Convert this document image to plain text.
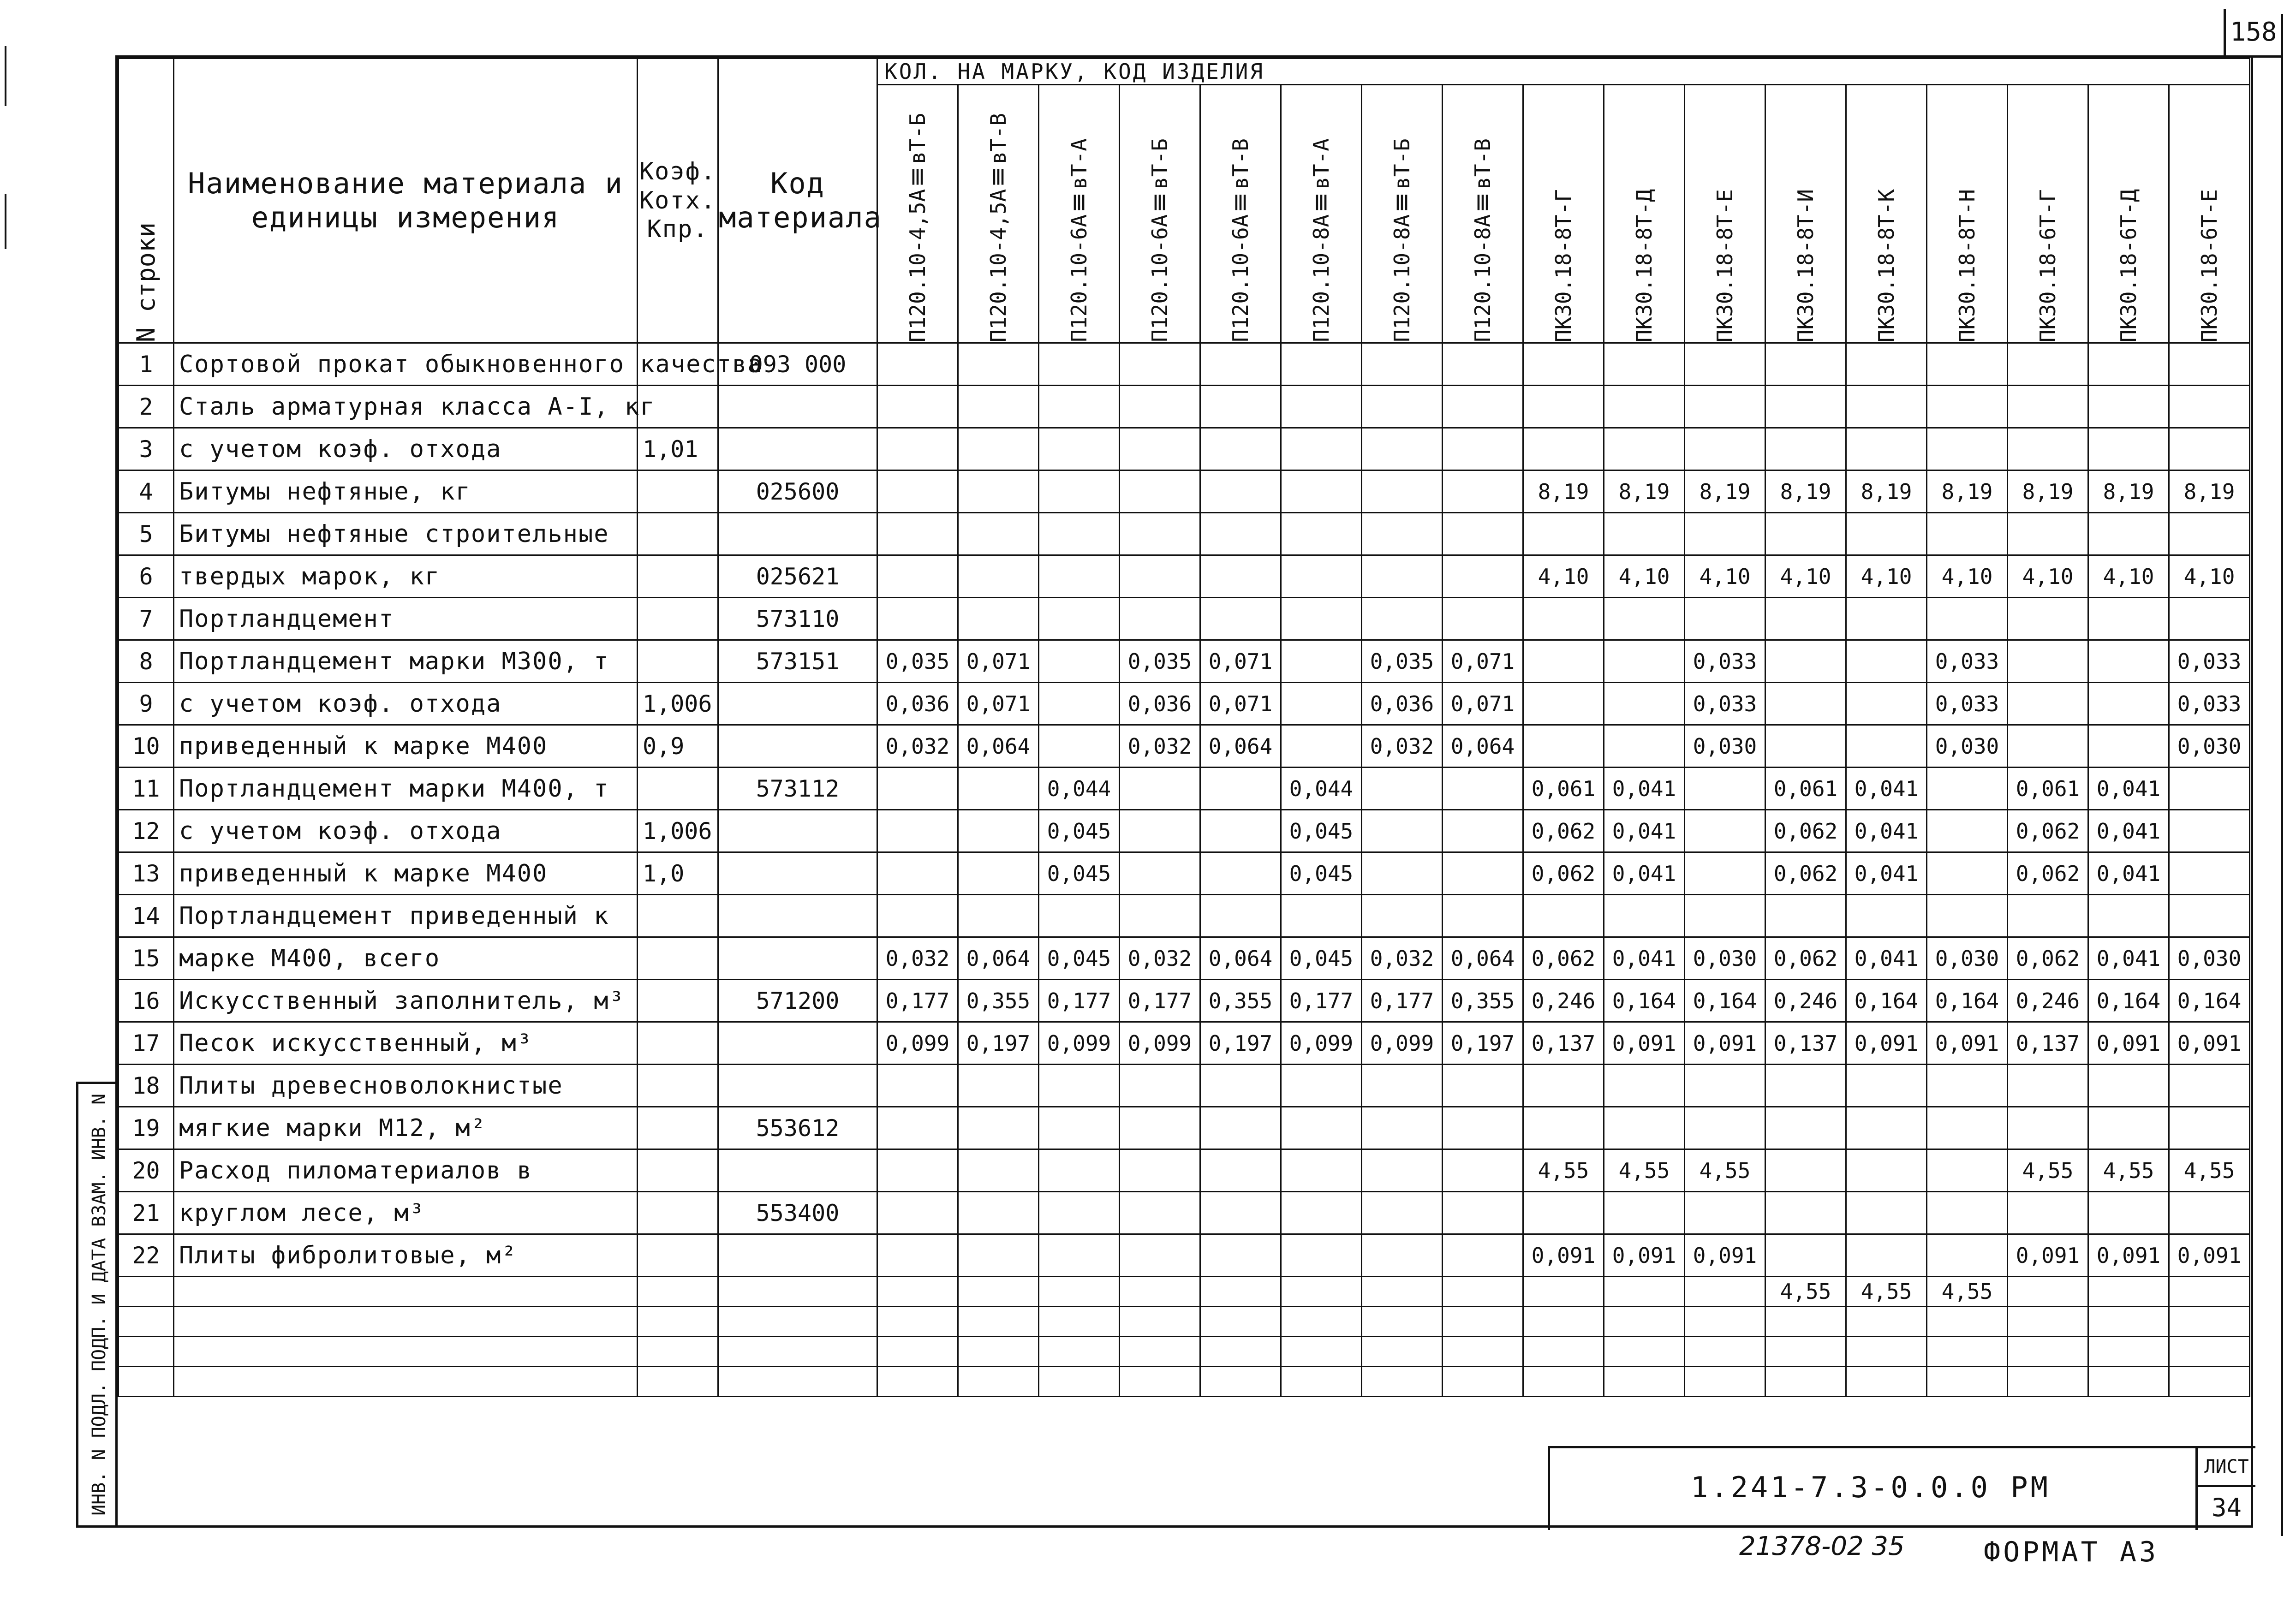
158
ИНВ. N ПОДЛ. ПОДП. И ДАТА ВЗАМ. ИНВ. N
N строки	Наименование материала и единицы измерения	Коэф. Котх. Кпр.	Код материала	КОЛ. НА МАРКУ, КОД ИЗДЕЛИЯ																

				П120.10-4,5АⅢвТ-Б	П120.10-4,5АⅢвТ-В	П120.10-6АⅢвТ-А	П120.10-6АⅢвТ-Б	П120.10-6АⅢвТ-В	П120.10-8АⅢвТ-А	П120.10-8АⅢвТ-Б	П120.10-8АⅢвТ-В	ПК30.18-8Т-Г	ПК30.18-8Т-Д	ПК30.18-8Т-Е	ПК30.18-8Т-И	ПК30.18-8Т-К	ПК30.18-8Т-Н	ПК30.18-6Т-Г	ПК30.18-6Т-Д	ПК30.18-6Т-Е

1	Сортовой прокат обыкновенного качества		093 000																	
2	Сталь арматурная класса А-I, кг																			
3	с учетом коэф. отхода	1,01																		
4	Битумы нефтяные, кг		025600									8,19	8,19	8,19	8,19	8,19	8,19	8,19	8,19	8,19
5	Битумы нефтяные строительные																			
6	твердых марок, кг		025621									4,10	4,10	4,10	4,10	4,10	4,10	4,10	4,10	4,10
7	Портландцемент		573110																	
8	Портландцемент марки М300, т		573151	0,035	0,071		0,035	0,071		0,035	0,071			0,033			0,033			0,033
9	с учетом коэф. отхода	1,006		0,036	0,071		0,036	0,071		0,036	0,071			0,033			0,033			0,033
10	приведенный к марке М400	0,9		0,032	0,064		0,032	0,064		0,032	0,064			0,030			0,030			0,030
11	Портландцемент марки М400, т		573112			0,044			0,044			0,061	0,041		0,061	0,041		0,061	0,041	
12	с учетом коэф. отхода	1,006				0,045			0,045			0,062	0,041		0,062	0,041		0,062	0,041	
13	приведенный к марке М400	1,0				0,045			0,045			0,062	0,041		0,062	0,041		0,062	0,041	
14	Портландцемент приведенный к																			
15	марке М400, всего			0,032	0,064	0,045	0,032	0,064	0,045	0,032	0,064	0,062	0,041	0,030	0,062	0,041	0,030	0,062	0,041	0,030
16	Искусственный заполнитель, м³		571200	0,177	0,355	0,177	0,177	0,355	0,177	0,177	0,355	0,246	0,164	0,164	0,246	0,164	0,164	0,246	0,164	0,164
17	Песок искусственный, м³			0,099	0,197	0,099	0,099	0,197	0,099	0,099	0,197	0,137	0,091	0,091	0,137	0,091	0,091	0,137	0,091	0,091
18	Плиты древесноволокнистые																			
19	мягкие марки М12, м²		553612																	
20	Расход пиломатериалов в											4,55	4,55	4,55				4,55	4,55	4,55
21	круглом лесе, м³		553400																	
22	Плиты фибролитовые, м²											0,091	0,091	0,091				0,091	0,091	0,091
															4,55	4,55	4,55			

1.241-7.3-0.0.0 РМ
ЛИСТ
34
21378-02 35	ФОРМАТ А3
